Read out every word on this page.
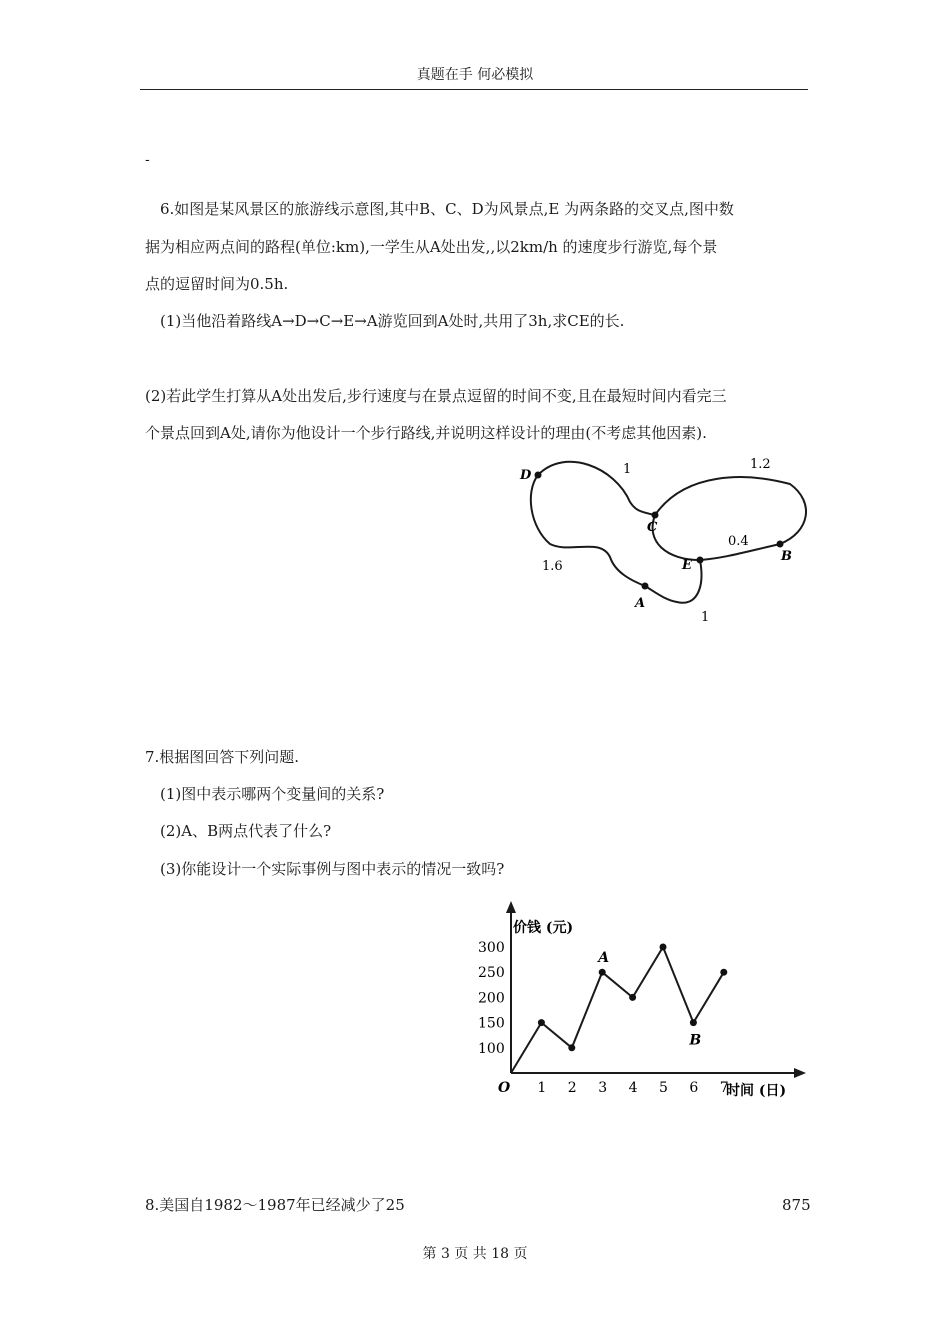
真题在手 何必模拟
-
6.如图是某风景区的旅游线示意图,其中B、C、D为风景点,E 为两条路的交叉点,图中数
据为相应两点间的路程(单位:km),一学生从A处出发,,以2km/h 的速度步行游览,每个景
点的逗留时间为0.5h.
(1)当他沿着路线A→D→C→E→A游览回到A处时,共用了3h,求CE的长.
(2)若此学生打算从A处出发后,步行速度与在景点逗留的时间不变,且在最短时间内看完三
个景点回到A处,请你为他设计一个步行路线,并说明这样设计的理由(不考虑其他因素).
D
C
E
B
A
1	1.2
0.4
1.6
1
7.根据图回答下列问题.
(1)图中表示哪两个变量间的关系?
(2)A、B两点代表了什么?
(3)你能设计一个实际事例与图中表示的情况一致吗?
价钱 (元)
时间 (日)
O 1 2 3 4 5 6 7
100
150
200
250
300
A
B
8.美国自1982～1987年已经减少了25	875
第 3 页 共 18 页
